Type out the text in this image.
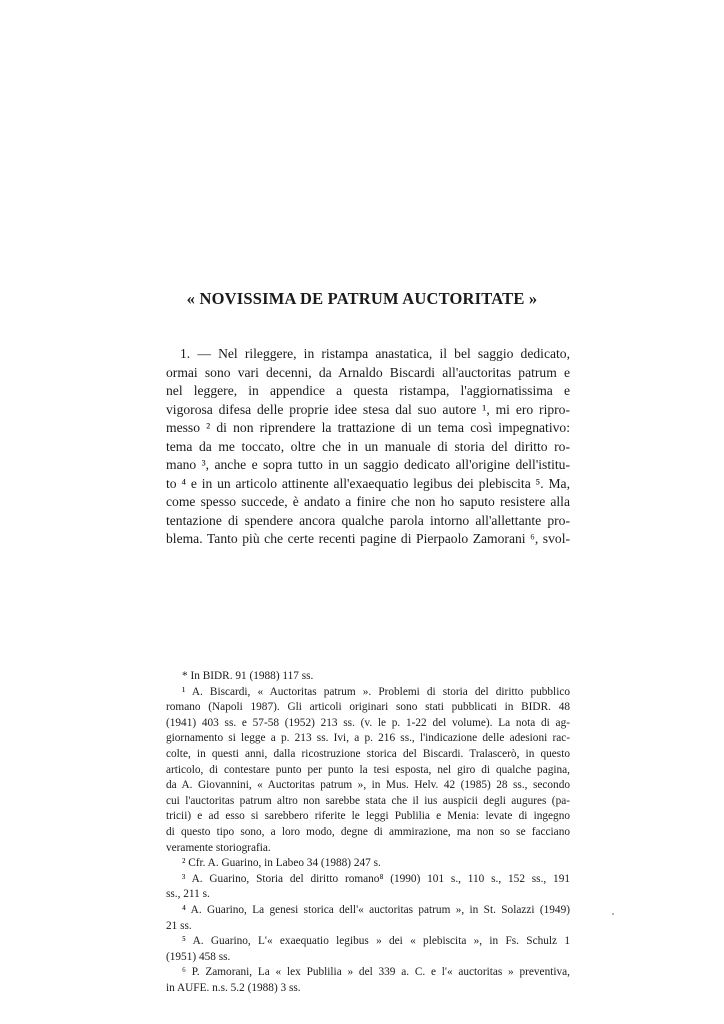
« NOVISSIMA DE PATRUM AUCTORITATE »
1. — Nel rileggere, in ristampa anastatica, il bel saggio dedicato,
ormai sono vari decenni, da Arnaldo Biscardi all'auctoritas patrum e
nel leggere, in appendice a questa ristampa, l'aggiornatissima e
vigorosa difesa delle proprie idee stesa dal suo autore ¹, mi ero ripro-
messo ² di non riprendere la trattazione di un tema così impegnativo:
tema da me toccato, oltre che in un manuale di storia del diritto ro-
mano ³, anche e sopra tutto in un saggio dedicato all'origine dell'istitu-
to ⁴ e in un articolo attinente all'exaequatio legibus dei plebiscita ⁵. Ma,
come spesso succede, è andato a finire che non ho saputo resistere alla
tentazione di spendere ancora qualche parola intorno all'allettante pro-
blema. Tanto più che certe recenti pagine di Pierpaolo Zamorani ⁶, svol-
* In BIDR. 91 (1988) 117 ss.
¹ A. Biscardi, « Auctoritas patrum ». Problemi di storia del diritto pubblico
romano (Napoli 1987). Gli articoli originari sono stati pubblicati in BIDR. 48
(1941) 403 ss. e 57-58 (1952) 213 ss. (v. le p. 1-22 del volume). La nota di ag-
giornamento si legge a p. 213 ss. Ivi, a p. 216 ss., l'indicazione delle adesioni rac-
colte, in questi anni, dalla ricostruzione storica del Biscardi. Tralascerò, in questo
articolo, di contestare punto per punto la tesi esposta, nel giro di qualche pagina,
da A. Giovannini, « Auctoritas patrum », in Mus. Helv. 42 (1985) 28 ss., secondo
cui l'auctoritas patrum altro non sarebbe stata che il ius auspicii degli augures (pa-
tricii) e ad esso si sarebbero riferite le leggi Publilia e Menia: levate di ingegno
di questo tipo sono, a loro modo, degne di ammirazione, ma non so se facciano
veramente storiografia.
² Cfr. A. Guarino, in Labeo 34 (1988) 247 s.
³ A. Guarino, Storia del diritto romano⁸ (1990) 101 s., 110 s., 152 ss., 191
ss., 211 s.
⁴ A. Guarino, La genesi storica dell'« auctoritas patrum », in St. Solazzi (1949)
21 ss.
⁵ A. Guarino, L'« exaequatio legibus » dei « plebiscita », in Fs. Schulz 1
(1951) 458 ss.
⁶ P. Zamorani, La « lex Publilia » del 339 a. C. e l'« auctoritas » preventiva,
in AUFE. n.s. 5.2 (1988) 3 ss.
